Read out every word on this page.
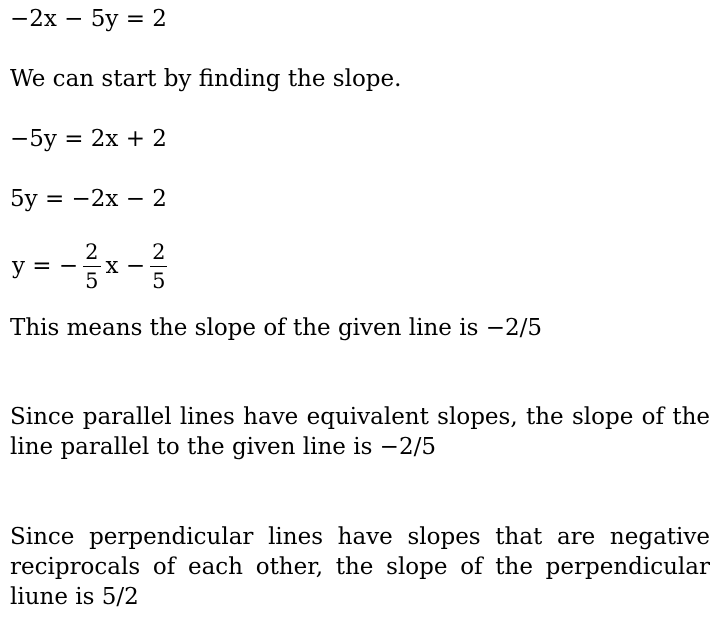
−2x − 5y = 2
We can start by finding the slope.
−5y = 2x + 2
5y = −2x − 2
y = − $\frac{2}{5}$ $x - \frac{2}{5}$
This means the slope of the given line is −2/5
Since parallel lines have equivalent slopes, the slope of the line parallel to the given line is −2/5
Since perpendicular lines have slopes that are negative reciprocals of each other, the slope of the perpendicular liune is 5/2
